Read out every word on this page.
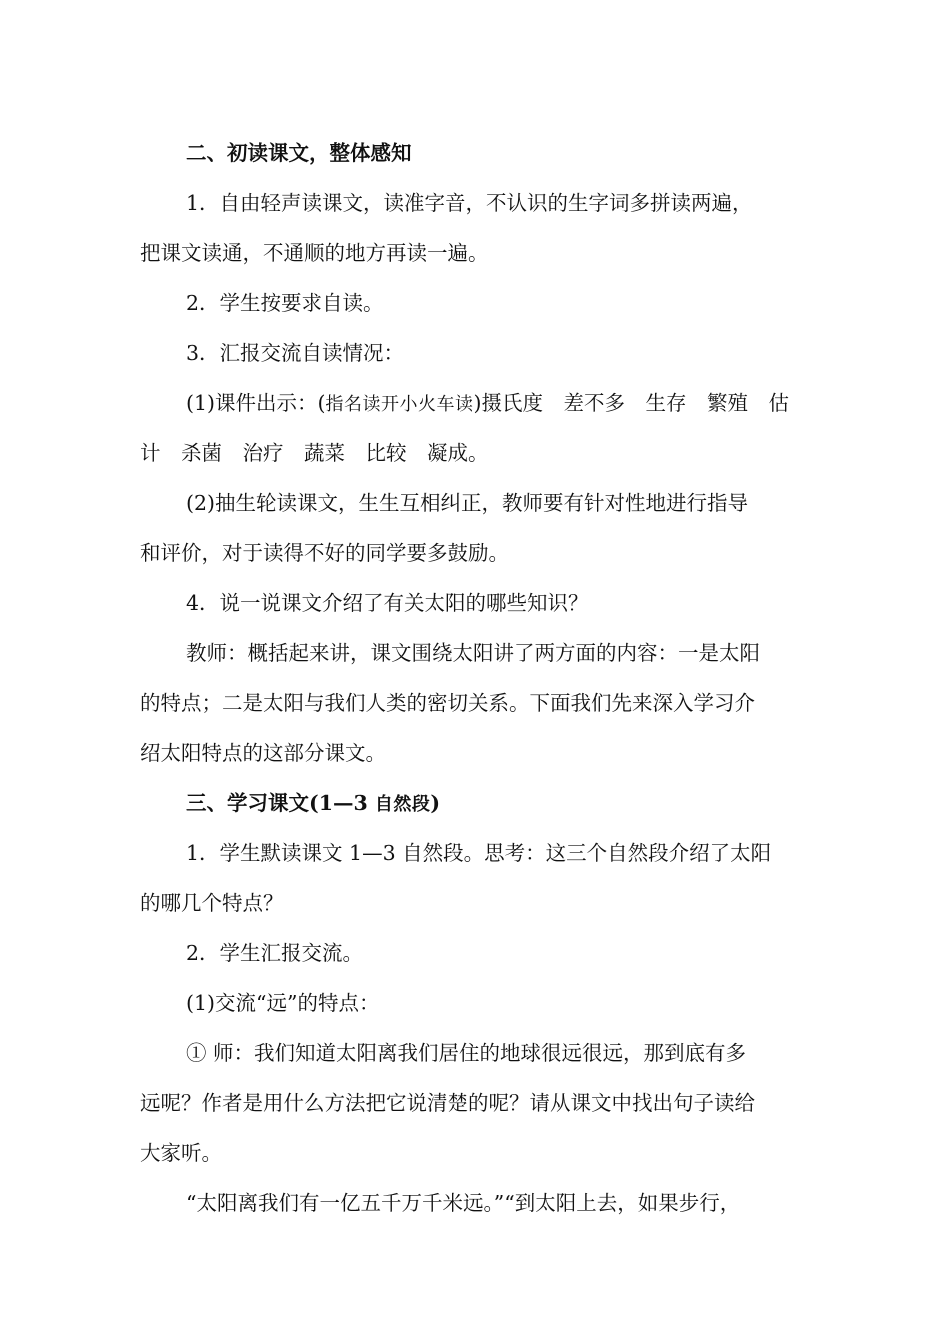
二、初读课文，整体感知
1．自由轻声读课文，读准字音，不认识的生字词多拼读两遍，
把课文读通，不通顺的地方再读一遍。
2．学生按要求自读。
3．汇报交流自读情况：
(1)课件出示：(指名读开小火车读)摄氏度　差不多　生存　繁殖　估
计　杀菌　治疗　蔬菜　比较　凝成。
(2)抽生轮读课文，生生互相纠正，教师要有针对性地进行指导
和评价，对于读得不好的同学要多鼓励。
4．说一说课文介绍了有关太阳的哪些知识？
教师：概括起来讲，课文围绕太阳讲了两方面的内容：一是太阳
的特点；二是太阳与我们人类的密切关系。下面我们先来深入学习介
绍太阳特点的这部分课文。
三、学习课文(1—3 自然段)
1．学生默读课文 1—3 自然段。思考：这三个自然段介绍了太阳
的哪几个特点？
2．学生汇报交流。
(1)交流“远”的特点：
① 师：我们知道太阳离我们居住的地球很远很远，那到底有多
远呢？作者是用什么方法把它说清楚的呢？请从课文中找出句子读给
大家听。
“太阳离我们有一亿五千万千米远。”“到太阳上去，如果步行，
